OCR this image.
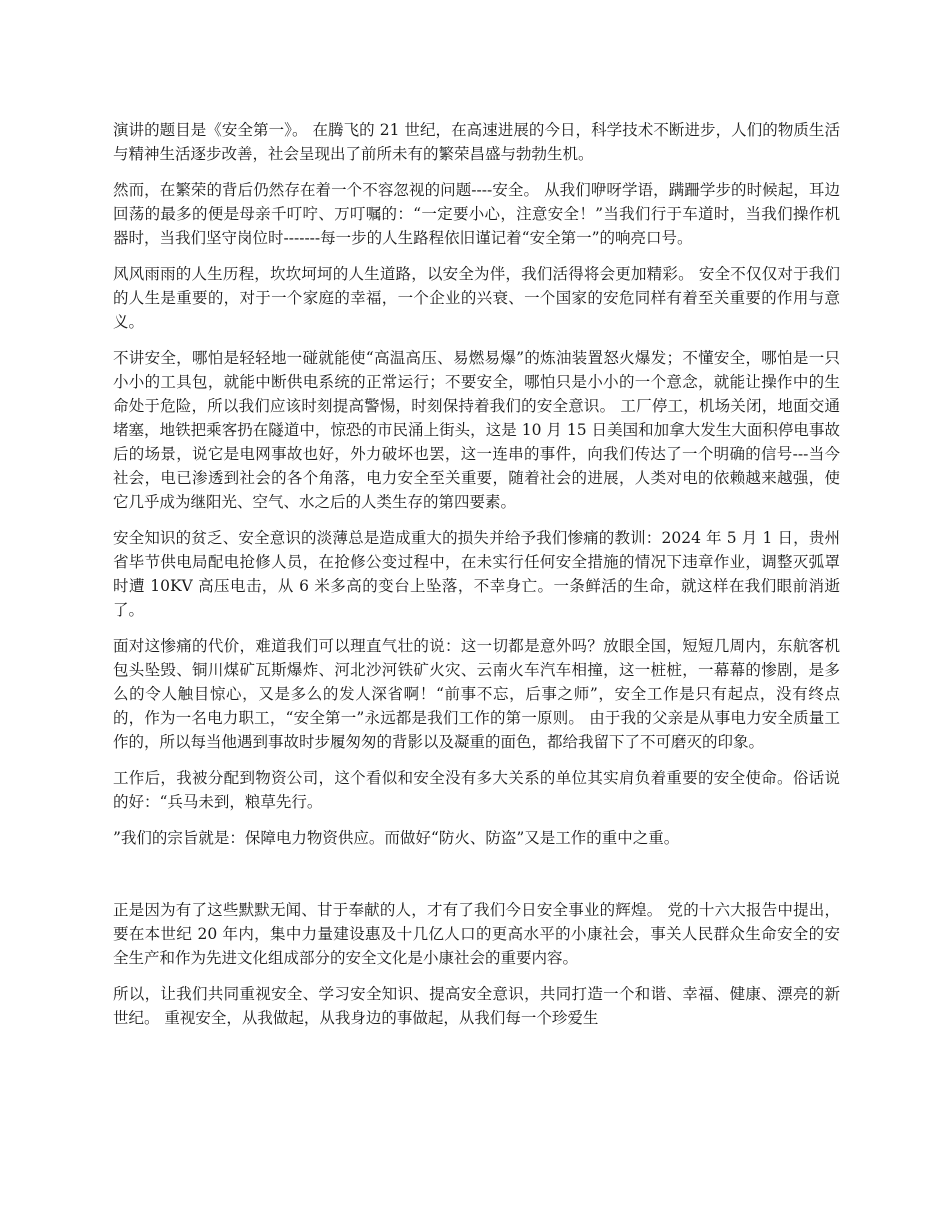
演讲的题目是《安全第一》。 在腾飞的 21 世纪，在高速进展的今日，科学技术不断进步，人们的物质生活与精神生活逐步改善，社会呈现出了前所未有的繁荣昌盛与勃勃生机。

然而，在繁荣的背后仍然存在着一个不容忽视的问题----安全。 从我们咿呀学语，蹒跚学步的时候起，耳边回荡的最多的便是母亲千叮咛、万叮嘱的：“一定要小心，注意安全！”当我们行于车道时，当我们操作机器时，当我们坚守岗位时-------每一步的人生路程依旧谨记着“安全第一”的响亮口号。

风风雨雨的人生历程，坎坎坷坷的人生道路，以安全为伴，我们活得将会更加精彩。 安全不仅仅对于我们的人生是重要的，对于一个家庭的幸福，一个企业的兴衰、一个国家的安危同样有着至关重要的作用与意义。

不讲安全，哪怕是轻轻地一碰就能使“高温高压、易燃易爆”的炼油装置怒火爆发；不懂安全，哪怕是一只小小的工具包，就能中断供电系统的正常运行；不要安全，哪怕只是小小的一个意念，就能让操作中的生命处于危险，所以我们应该时刻提高警惕，时刻保持着我们的安全意识。 工厂停工，机场关闭，地面交通堵塞，地铁把乘客扔在隧道中，惊恐的市民涌上街头，这是 10 月 15 日美国和加拿大发生大面积停电事故后的场景，说它是电网事故也好，外力破坏也罢，这一连串的事件，向我们传达了一个明确的信号---当今社会，电已渗透到社会的各个角落，电力安全至关重要，随着社会的进展，人类对电的依赖越来越强，使它几乎成为继阳光、空气、水之后的人类生存的第四要素。

安全知识的贫乏、安全意识的淡薄总是造成重大的损失并给予我们惨痛的教训：2024 年 5 月 1 日，贵州省毕节供电局配电抢修人员，在抢修公变过程中，在未实行任何安全措施的情况下违章作业，调整灭弧罩时遭 10KV 高压电击，从 6 米多高的变台上坠落，不幸身亡。一条鲜活的生命，就这样在我们眼前消逝了。

面对这惨痛的代价，难道我们可以理直气壮的说：这一切都是意外吗？放眼全国，短短几周内，东航客机包头坠毁、铜川煤矿瓦斯爆炸、河北沙河铁矿火灾、云南火车汽车相撞，这一桩桩，一幕幕的惨剧，是多么的令人触目惊心，又是多么的发人深省啊！“前事不忘，后事之师”，安全工作是只有起点，没有终点的，作为一名电力职工，“安全第一”永远都是我们工作的第一原则。 由于我的父亲是从事电力安全质量工作的，所以每当他遇到事故时步履匆匆的背影以及凝重的面色，都给我留下了不可磨灭的印象。

工作后，我被分配到物资公司，这个看似和安全没有多大关系的单位其实肩负着重要的安全使命。俗话说的好：“兵马未到，粮草先行。

”我们的宗旨就是：保障电力物资供应。而做好“防火、防盗”又是工作的重中之重。

正是因为有了这些默默无闻、甘于奉献的人，才有了我们今日安全事业的辉煌。 党的十六大报告中提出，要在本世纪 20 年内，集中力量建设惠及十几亿人口的更高水平的小康社会，事关人民群众生命安全的安全生产和作为先进文化组成部分的安全文化是小康社会的重要内容。

所以，让我们共同重视安全、学习安全知识、提高安全意识，共同打造一个和谐、幸福、健康、漂亮的新世纪。 重视安全，从我做起，从我身边的事做起，从我们每一个珍爱生
